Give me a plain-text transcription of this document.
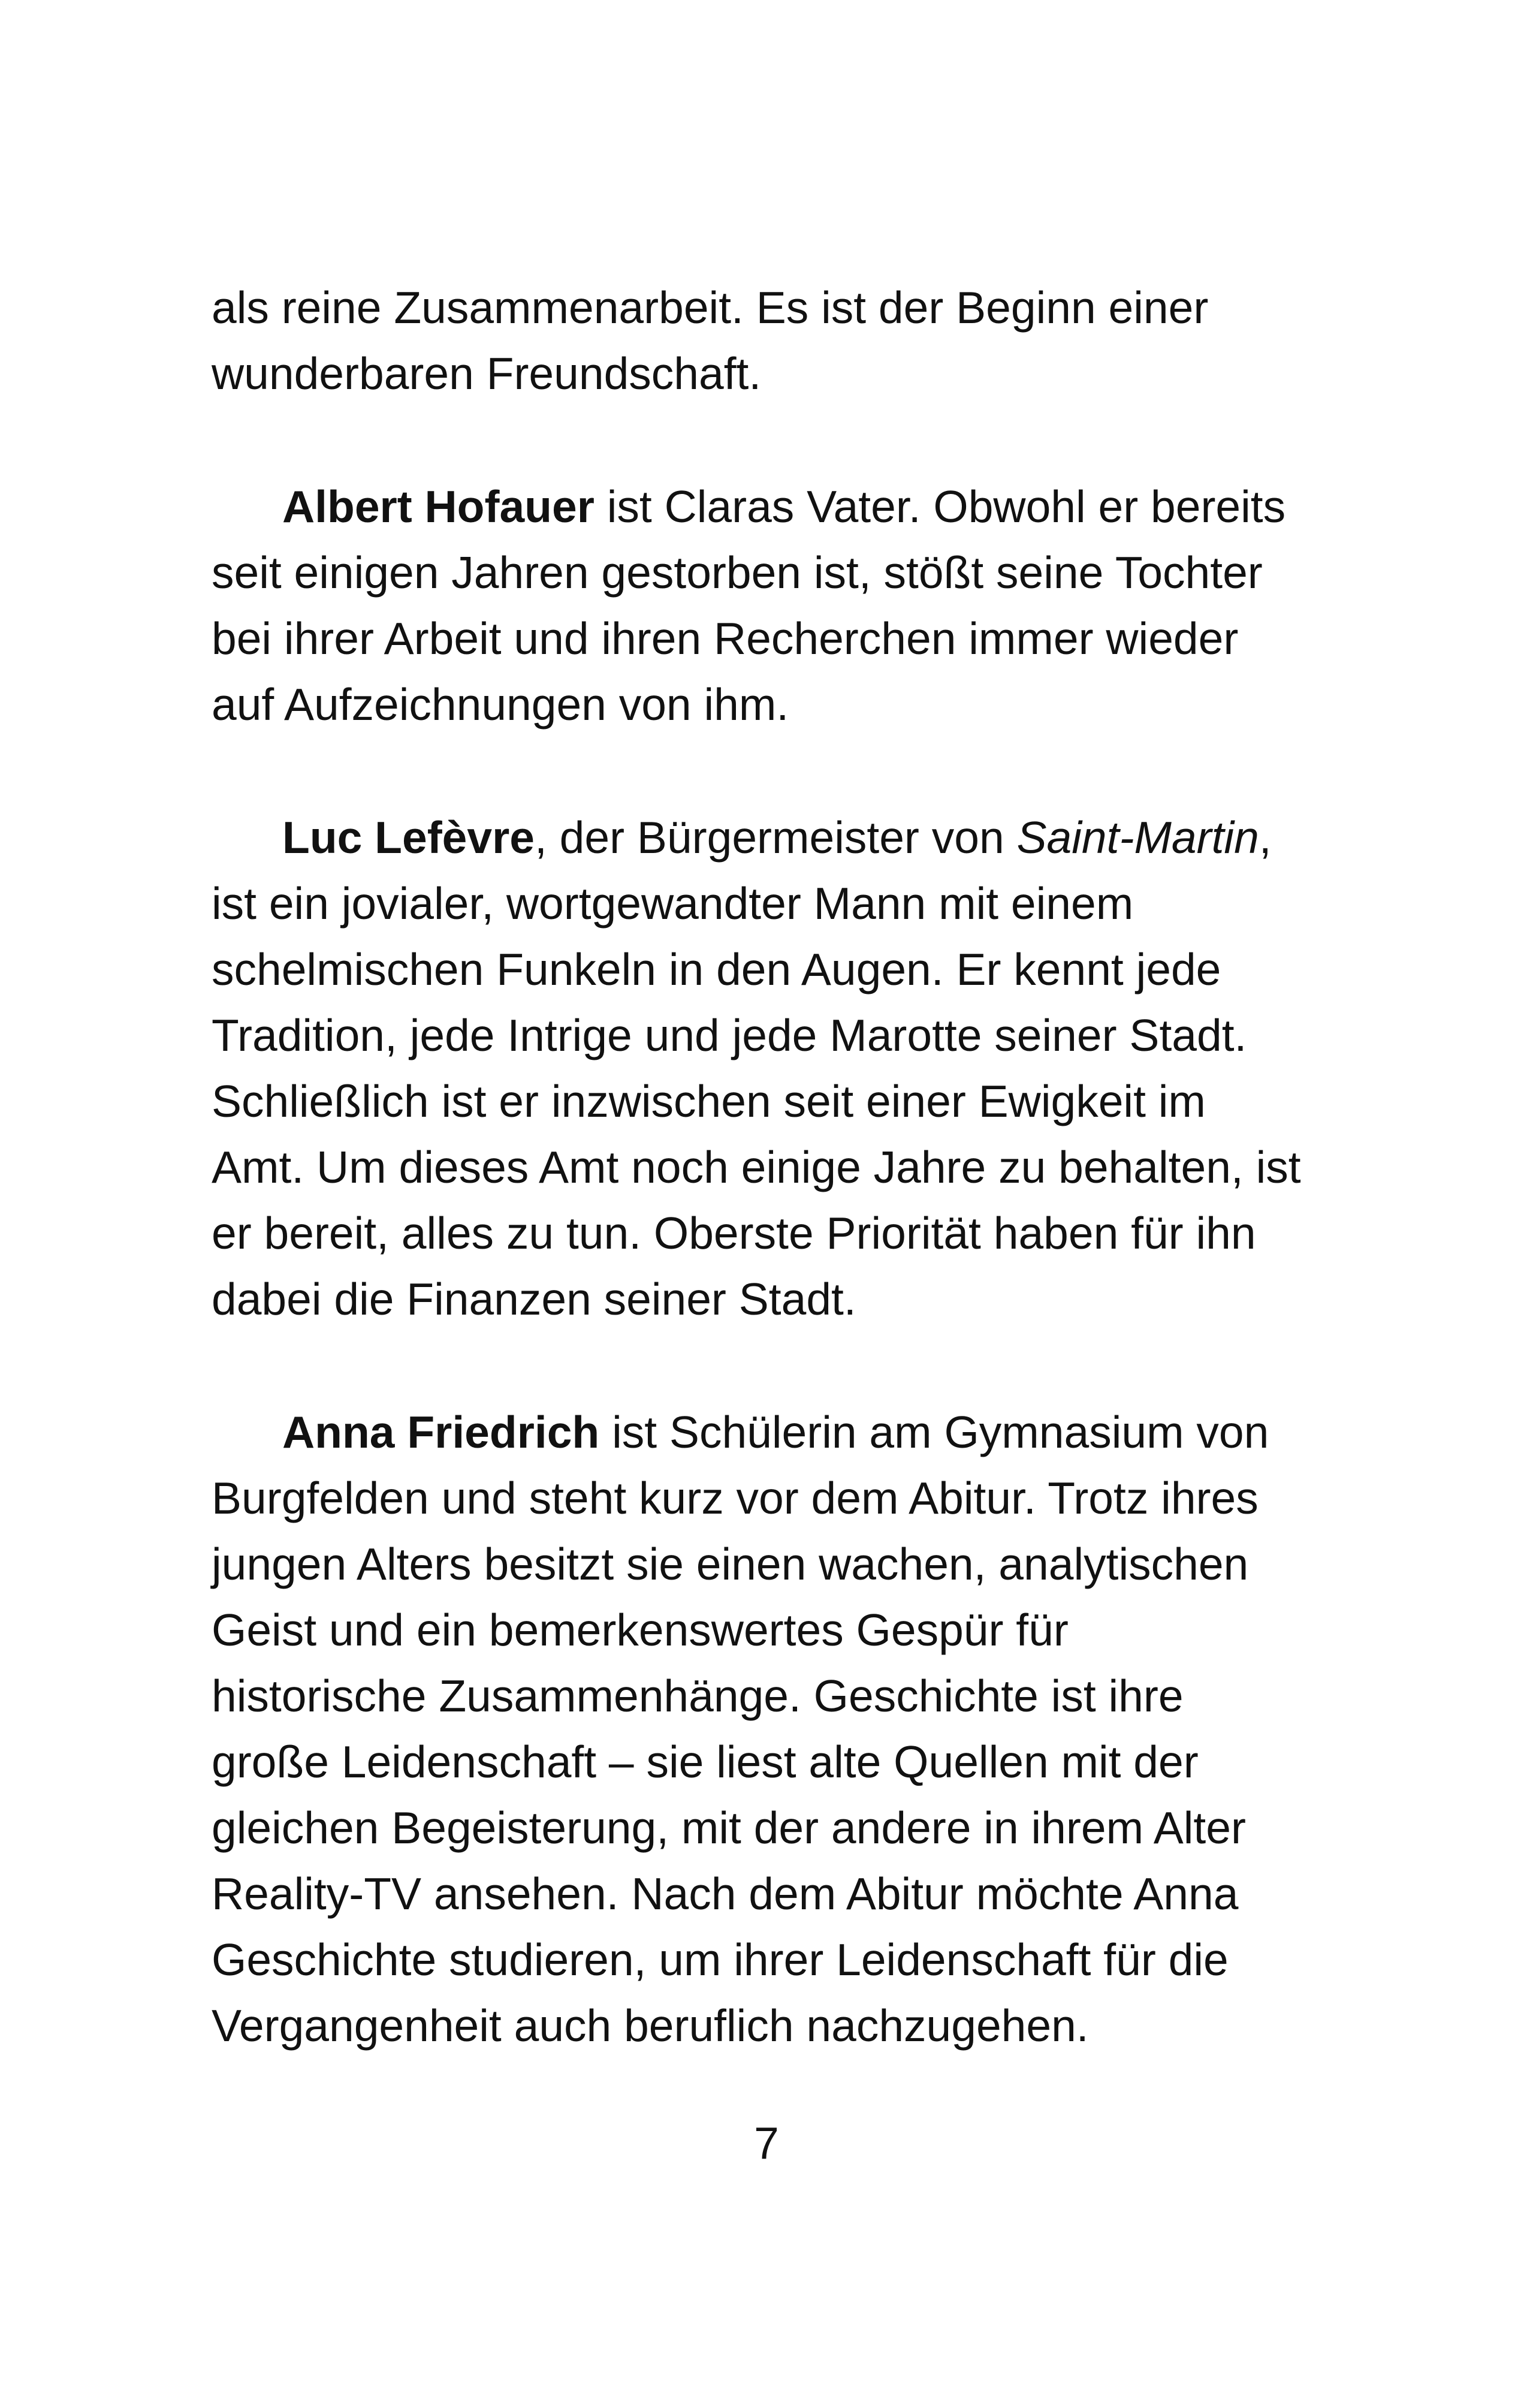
als reine Zusammenarbeit. Es ist der Beginn einer
wunderbaren Freundschaft.
Albert Hofauer ist Claras Vater. Obwohl er bereits
seit einigen Jahren gestorben ist, stößt seine Tochter
bei ihrer Arbeit und ihren Recherchen immer wieder
auf Aufzeichnungen von ihm.
Luc Lefèvre, der Bürgermeister von Saint-Martin,
ist ein jovialer, wortgewandter Mann mit einem
schelmischen Funkeln in den Augen. Er kennt jede
Tradition, jede Intrige und jede Marotte seiner Stadt.
Schließlich ist er inzwischen seit einer Ewigkeit im
Amt. Um dieses Amt noch einige Jahre zu behalten, ist
er bereit, alles zu tun. Oberste Priorität haben für ihn
dabei die Finanzen seiner Stadt.
Anna Friedrich ist Schülerin am Gymnasium von
Burgfelden und steht kurz vor dem Abitur. Trotz ihres
jungen Alters besitzt sie einen wachen, analytischen
Geist und ein bemerkenswertes Gespür für
historische Zusammenhänge. Geschichte ist ihre
große Leidenschaft – sie liest alte Quellen mit der
gleichen Begeisterung, mit der andere in ihrem Alter
Reality-TV ansehen. Nach dem Abitur möchte Anna
Geschichte studieren, um ihrer Leidenschaft für die
Vergangenheit auch beruflich nachzugehen.
7
